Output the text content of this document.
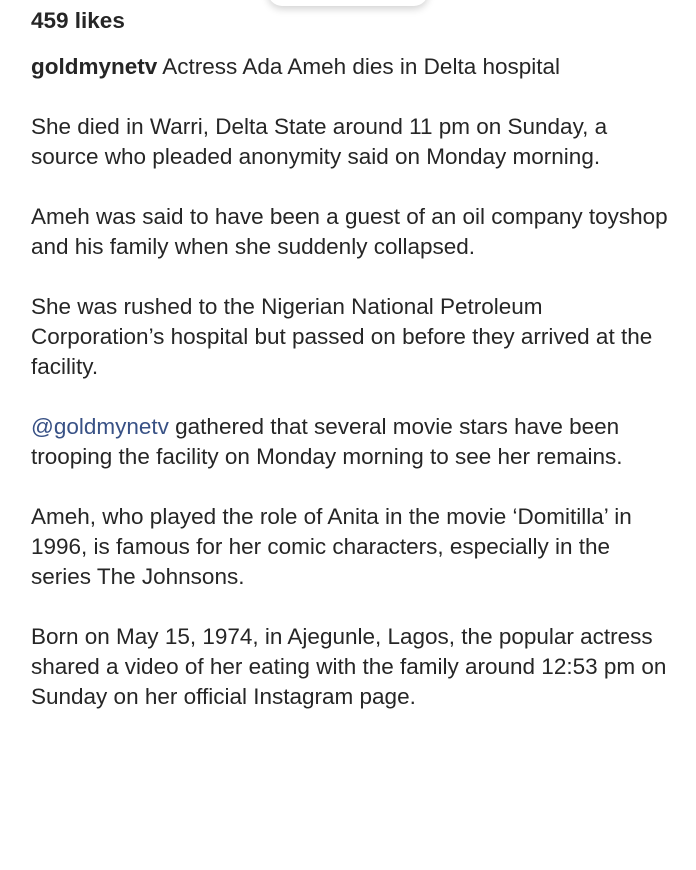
459 likes
goldmynetv Actress Ada Ameh dies in Delta hospital

She died in Warri, Delta State around 11 pm on Sunday, a source who pleaded anonymity said on Monday morning.

Ameh was said to have been a guest of an oil company toyshop and his family when she suddenly collapsed.

She was rushed to the Nigerian National Petroleum Corporation’s hospital but passed on before they arrived at the facility.

@goldmynetv gathered that several movie stars have been trooping the facility on Monday morning to see her remains.

Ameh, who played the role of Anita in the movie ‘Domitilla’ in 1996, is famous for her comic characters, especially in the series The Johnsons.

Born on May 15, 1974, in Ajegunle, Lagos, the popular actress shared a video of her eating with the family around 12:53 pm on Sunday on her official Instagram page.
